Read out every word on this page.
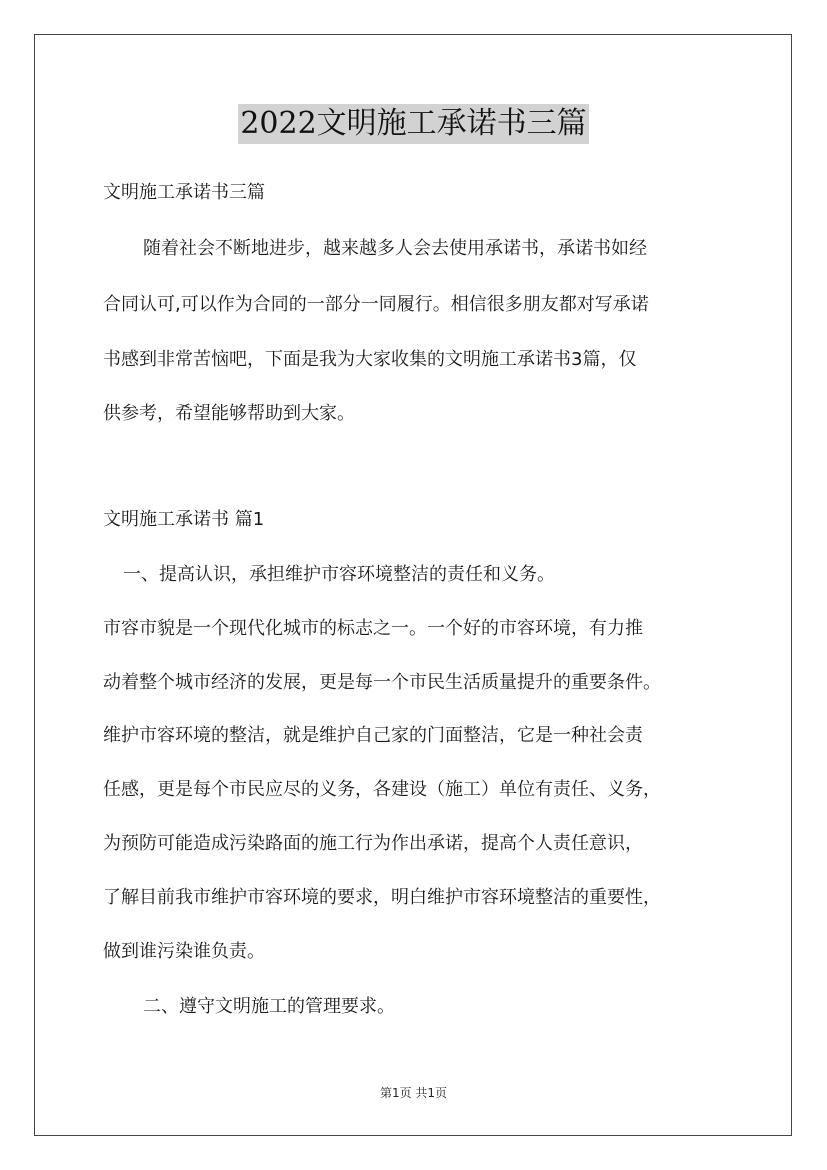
2022文明施工承诺书三篇
文明施工承诺书三篇
随着社会不断地进步，越来越多人会去使用承诺书，承诺书如经
合同认可,可以作为合同的一部分一同履行。相信很多朋友都对写承诺
书感到非常苦恼吧，下面是我为大家收集的文明施工承诺书3篇，仅
供参考，希望能够帮助到大家。
文明施工承诺书 篇1
一、提高认识，承担维护市容环境整洁的责任和义务。
市容市貌是一个现代化城市的标志之一。一个好的市容环境，有力推
动着整个城市经济的发展，更是每一个市民生活质量提升的重要条件。
维护市容环境的整洁，就是维护自己家的门面整洁，它是一种社会责
任感，更是每个市民应尽的义务，各建设（施工）单位有责任、义务，
为预防可能造成污染路面的施工行为作出承诺，提高个人责任意识，
了解目前我市维护市容环境的要求，明白维护市容环境整洁的重要性，
做到谁污染谁负责。
二、遵守文明施工的管理要求。
第1页 共1页
